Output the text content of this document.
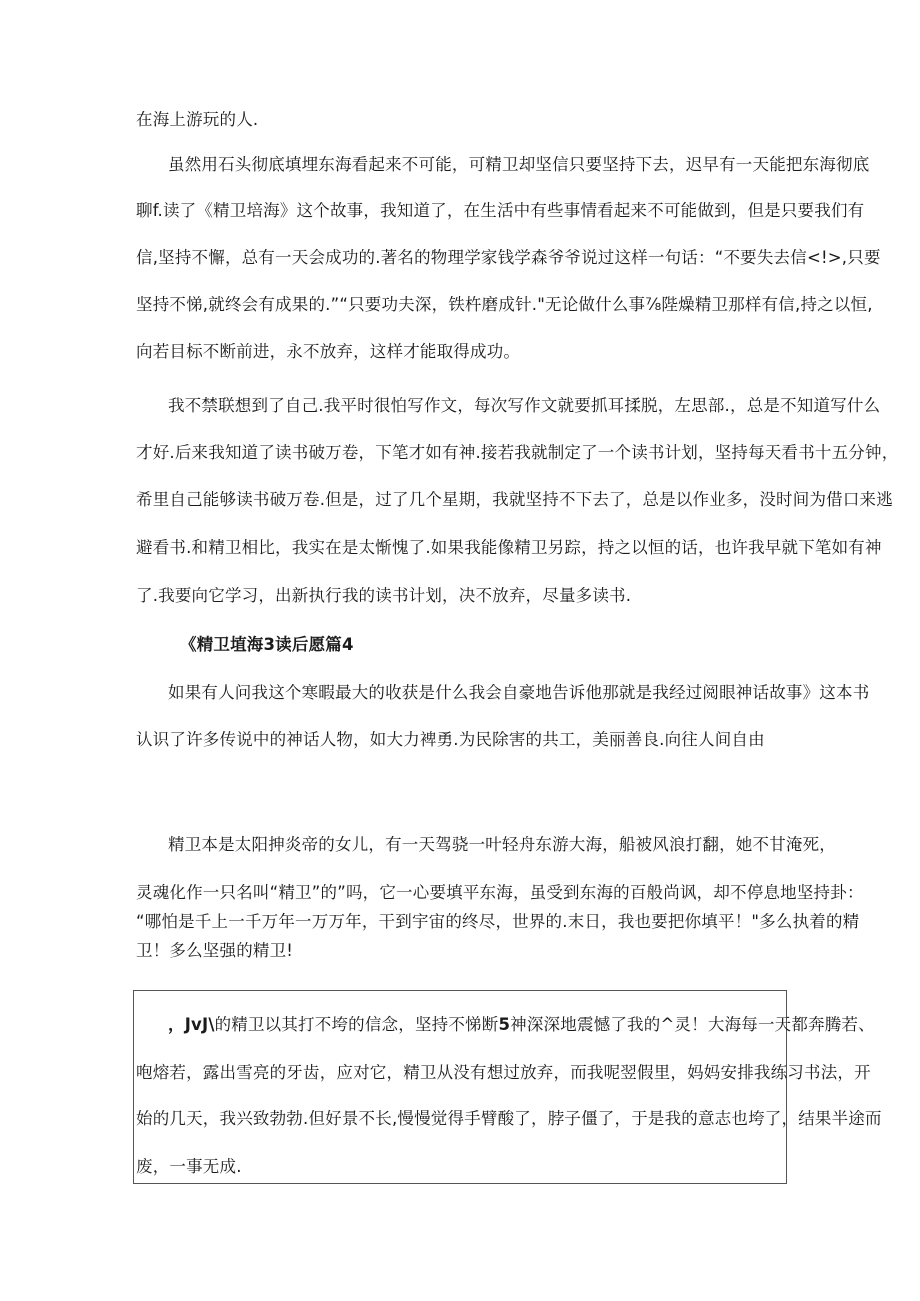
在海上游玩的人.
虽然用石头彻底填埋东海看起来不可能，可精卫却坚信只要坚持下去，迟早有一天能把东海彻底
聊f.读了《精卫培海》这个故事，我知道了，在生活中有些事情看起来不可能做到，但是只要我们有
信,坚持不懈，总有一天会成功的.著名的物理学家钱学森爷爷说过这样一句话：“不要失去信<!>,只要
坚持不悌,就终会有成果的.”“只要功夫深，铁杵磨成针."无论做什么事⅞陛燥精卫那样有信,持之以恒,
向若目标不断前进，永不放弃，这样才能取得成功。
我不禁联想到了自己.我平时很怕写作文，每次写作文就要抓耳揉脱，左思部.，总是不知道写什么
才好.后来我知道了读书破万卷，下笔才如有神.接若我就制定了一个读书计划，坚持每天看书十五分钟，
希里自己能够读书破万卷.但是，过了几个星期，我就坚持不下去了，总是以作业多，没时间为借口来逃
避看书.和精卫相比，我实在是太惭愧了.如果我能像精卫另踪，持之以恒的话，也许我早就下笔如有神
了.我要向它学习，出新执行我的读书计划，决不放弃，尽量多读书.
《精卫埴海3读后愿篇4
如果有人问我这个寒暇最大的收获是什么我会自豪地告诉他那就是我经过阅眼神话故事》这本书
认识了许多传说中的神话人物，如大力裨勇.为民除害的共工，美丽善良.向往人间自由
精卫本是太阳抻炎帝的女儿，有一天驾骁一叶轻舟东游大海，船被风浪打翻，她不甘淹死，
灵魂化作一只名叫“精卫”的”吗，它一心要填平东海，虽受到东海的百般尚讽，却不停息地坚持卦：
“哪怕是千上一千万年一万万年，干到宇宙的终尽，世界的.末日，我也要把你填平！"多么执着的精
卫！多么坚强的精卫!
，JvJ\的精卫以其打不垮的信念，坚持不悌断5神深深地震憾了我的^灵！大海每一天都奔腾若、
咆熔若，露出雪亮的牙齿，应对它，精卫从没有想过放弃，而我呢翌假里，妈妈安排我练习书法，开
始的几天，我兴致勃勃.但好景不长,慢慢觉得手臂酸了，脖子僵了，于是我的意志也垮了，结果半途而
废，一事无成.
